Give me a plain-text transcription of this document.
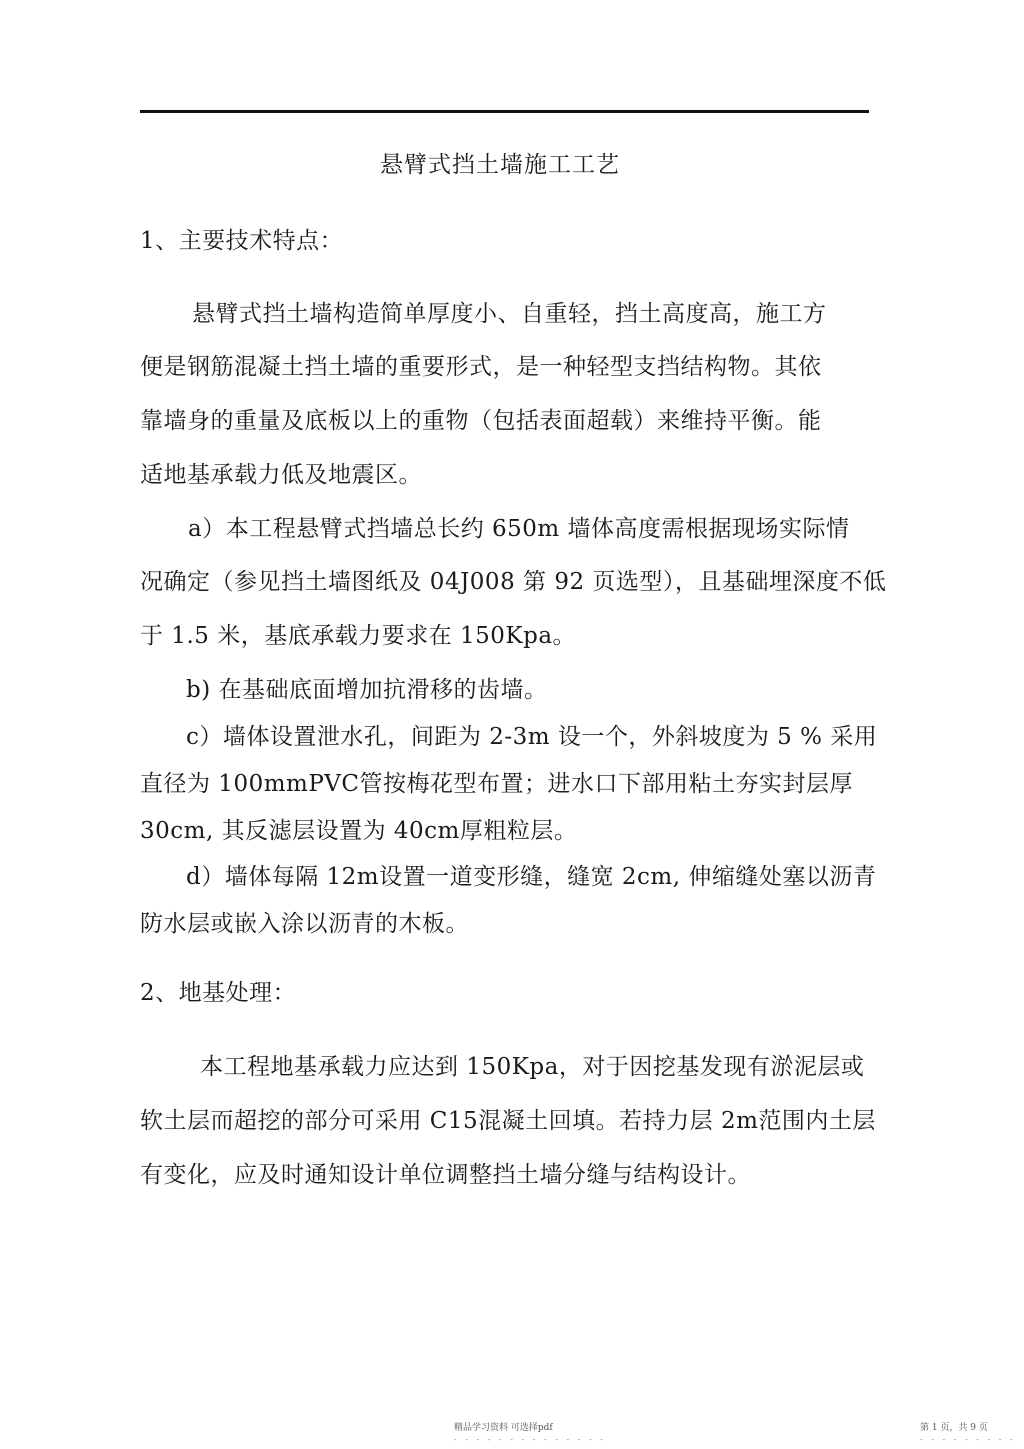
悬臂式挡土墙施工工艺
1、主要技术特点：
悬臂式挡土墙构造简单厚度小、自重轻，挡土高度高，施工方
便是钢筋混凝土挡土墙的重要形式，是一种轻型支挡结构物。其依
靠墙身的重量及底板以上的重物（包括表面超载）来维持平衡。能
适地基承载力低及地震区。
a）本工程悬臂式挡墙总长约 650m 墙体高度需根据现场实际情
况确定（参见挡土墙图纸及 04J008 第 92 页选型），且基础埋深度不低
于 1.5 米，基底承载力要求在 150Kpa。
b) 在基础底面增加抗滑移的齿墙。
c）墙体设置泄水孔，间距为 2-3m 设一个，外斜坡度为 5 % 采用
直径为 100mmPVC管按梅花型布置；进水口下部用粘土夯实封层厚
30cm, 其反滤层设置为 40cm厚粗粒层。
d）墙体每隔 12m设置一道变形缝，缝宽 2cm, 伸缩缝处塞以沥青
防水层或嵌入涂以沥青的木板。
2、地基处理：
本工程地基承载力应达到 150Kpa，对于因挖基发现有淤泥层或
软土层而超挖的部分可采用 C15混凝土回填。若持力层 2m范围内土层
有变化，应及时通知设计单位调整挡土墙分缝与结构设计。
精品学习资料 可选择pdf
- - - - - - - - - - - - - -
第 1 页，共 9 页
- - - - - - - - -
